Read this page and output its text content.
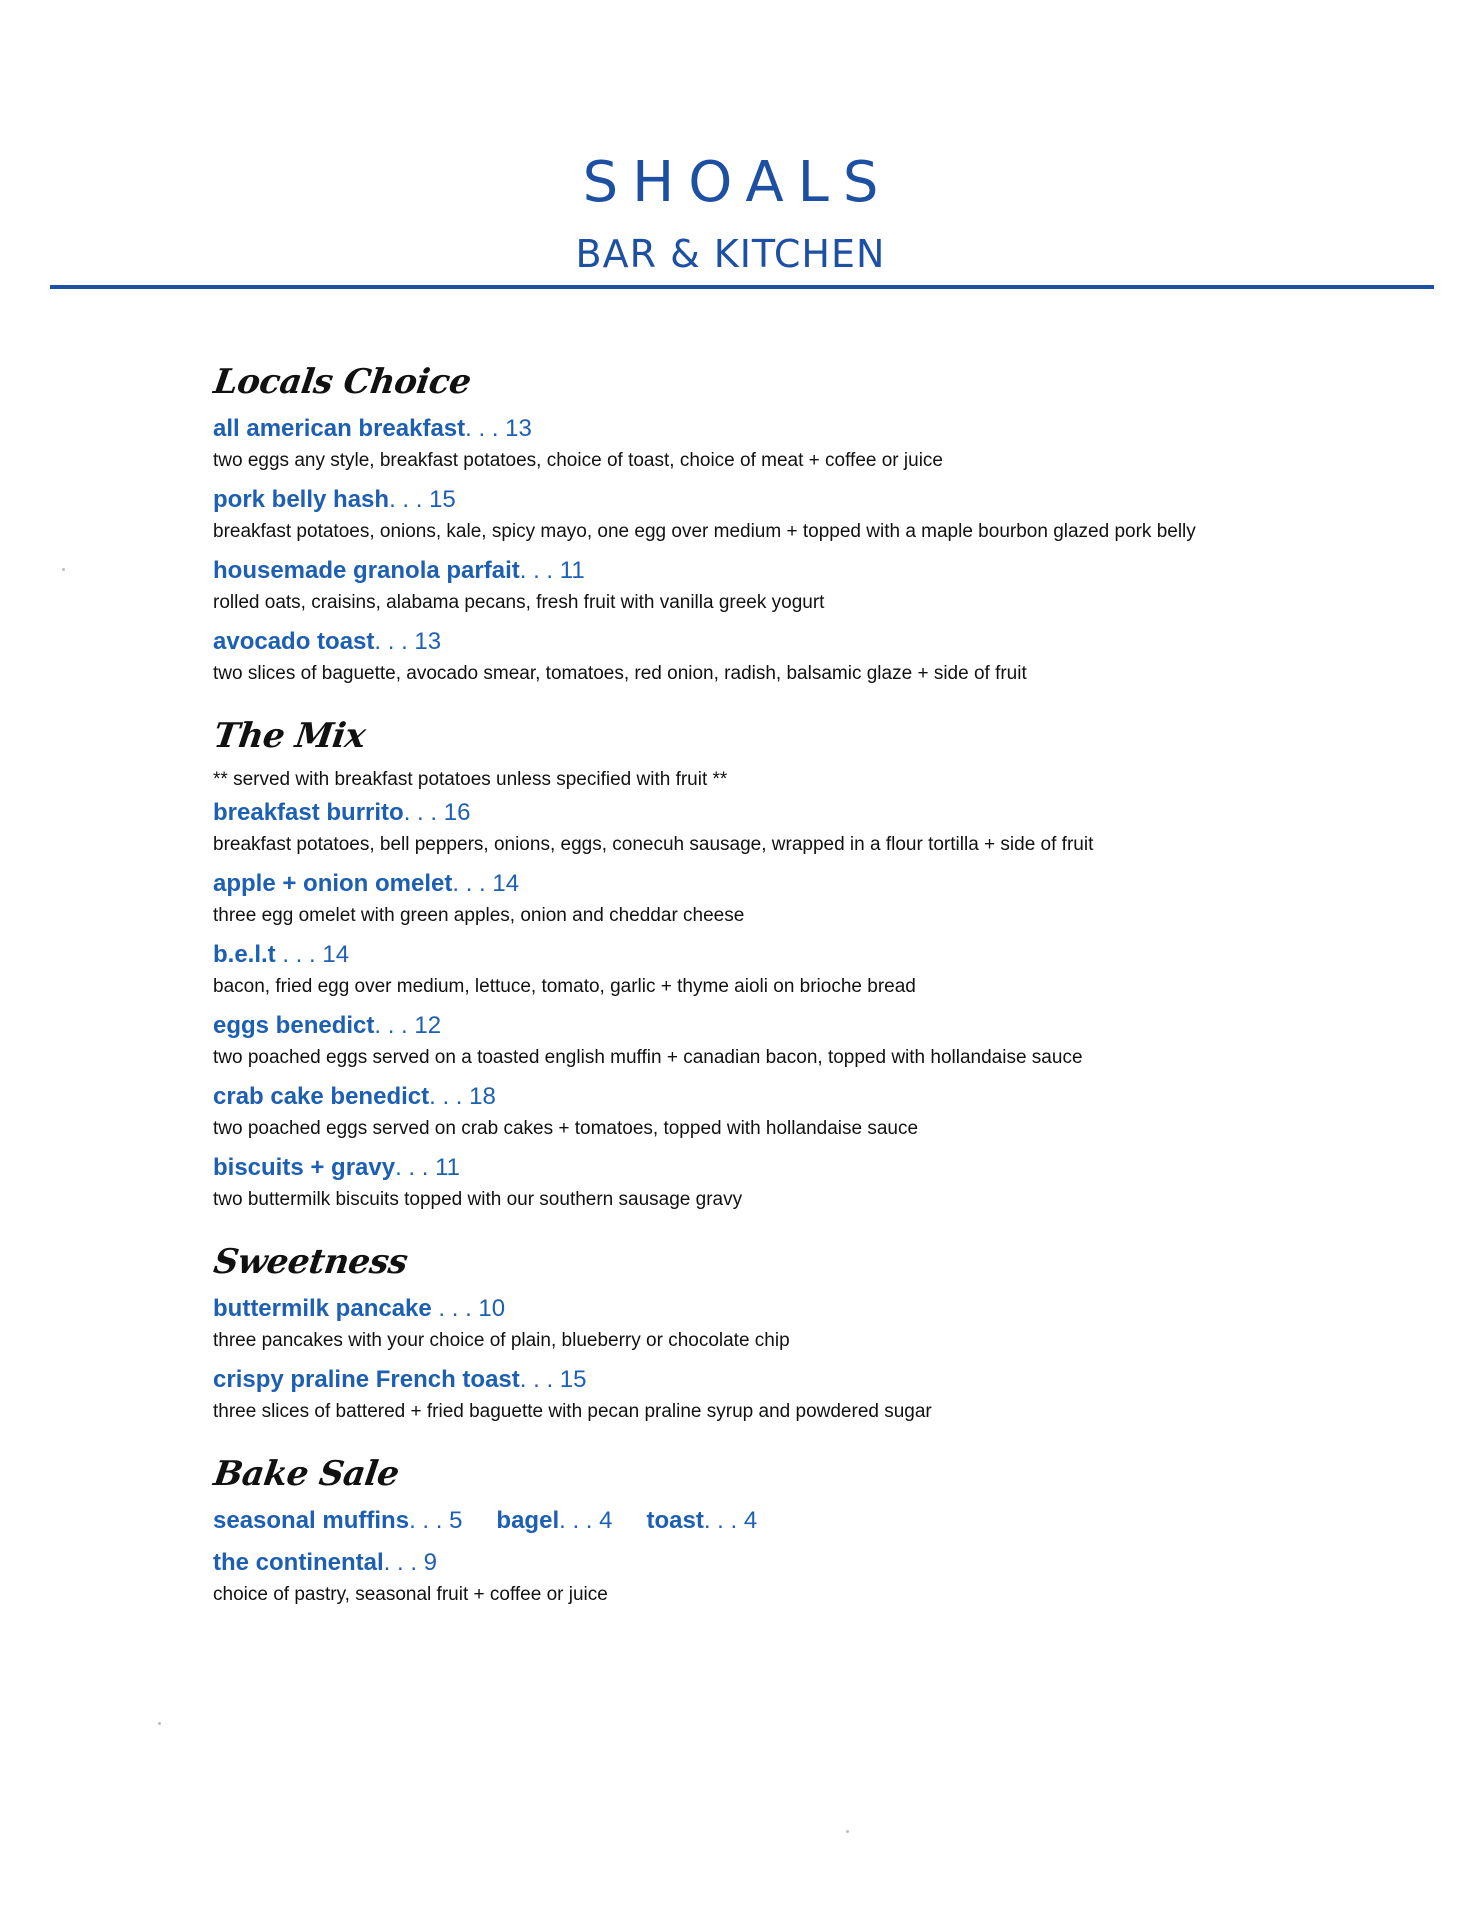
SHOALS
BAR & KITCHEN
Locals Choice
all american breakfast. . . 13
two eggs any style, breakfast potatoes, choice of toast, choice of meat + coffee or juice
pork belly hash. . . 15
breakfast potatoes, onions, kale, spicy mayo, one egg over medium + topped with a maple bourbon glazed pork belly
housemade granola parfait. . . 11
rolled oats, craisins, alabama pecans, fresh fruit with vanilla greek yogurt
avocado toast. . . 13
two slices of baguette, avocado smear, tomatoes, red onion, radish, balsamic glaze + side of fruit
The Mix
** served with breakfast potatoes unless specified with fruit **
breakfast burrito. . . 16
breakfast potatoes, bell peppers, onions, eggs, conecuh sausage, wrapped in a flour tortilla + side of fruit
apple + onion omelet. . . 14
three egg omelet with green apples, onion and cheddar cheese
b.e.l.t . . . 14
bacon, fried egg over medium, lettuce, tomato, garlic + thyme aioli on brioche bread
eggs benedict. . . 12
two poached eggs served on a toasted english muffin + canadian bacon, topped with hollandaise sauce
crab cake benedict. . . 18
two poached eggs served on crab cakes + tomatoes, topped with hollandaise sauce
biscuits + gravy. . . 11
two buttermilk biscuits topped with our southern sausage gravy
Sweetness
buttermilk pancake . . . 10
three pancakes with your choice of plain, blueberry or chocolate chip
crispy praline French toast. . . 15
three slices of battered + fried baguette with pecan praline syrup and powdered sugar
Bake Sale
seasonal muffins. . . 5 bagel. . . 4 toast. . . 4
the continental. . . 9
choice of pastry, seasonal fruit + coffee or juice
